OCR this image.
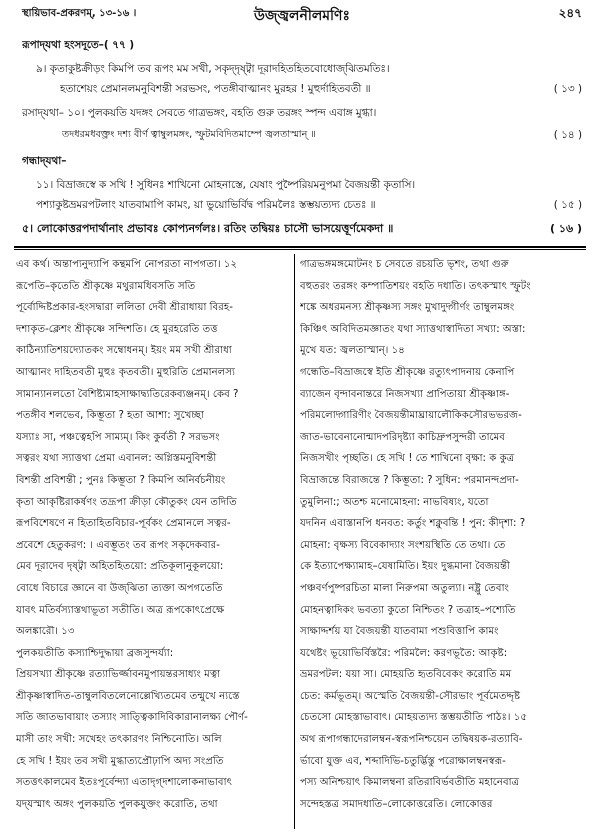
স্থায়িভাব-প্রকরণম্‌, ১৩-১৬ ।	উজ্জ্বলনীলমণিঃ	২৪৭
রূপাদ্‌যথা হংসদূতে–( ৭৭ )
৯। কৃতাকুষ্টক্রীড়ং কিমপি তব রূপং মম সখী, সকৃদ্‌দৃষ্ট্বা দূরাদহিতহিতবোধোজ্‌ঝিতমতিঃ।
হতাশেয়ং প্রেমানলমনুবিশন্তী সরভসং, পতঙ্গীবাত্মানং মুরহর ! মুহুর্দাহিতবতী ॥	( ১৩ )
রসাদ্‌যথা– ১০। পুলকয়তি যদঙ্গং সেবতে গাত্রভঙ্গং, বহতি গুরু তরঙ্গং স্পন্দ এবাঙ্গ মুগ্ধা।
তদধরমধবক্ত্রং দশ্য বীর্ণ ত্বাম্বুলমঙ্গং, স্ফুটমবিদিতমাম্পে জ্বলতাস্মান্ ॥	( ১৪ )
গন্ধাদ্‌যথা–
১১। বিভ্রাজস্বে ক সখি ! সুধিনঃ শাখিনো মোহনাস্তে, যেষাং পুষ্পৈরিয়মনুপমা বৈজয়ন্তী কৃতাসি।
পশ্যাকুষ্টভ্রমরপটলাং যাতবামাপি কামং, য়া ভুয়োভির্বিদ্ব পরিমলৈঃ স্তম্ভয়ত্যদ্য চেতঃ ॥	( ১৫ )
৫। লোকোত্তরপদার্থানাং প্রভাবঃ কোপ্যনর্গলঃ। রতিং তদ্বিয়ঃ চাসৌ ভাসয়েত্তূর্ণমেকদা ॥	( ১৬ )

এব কর্থ। অন্তাপ্যনুদ্যাপি কন্থমপি নোপরতা নাপগতা। ১২

রূপেতি–কৃতেতি শ্রীকৃষ্ণে মথুরামধিবসতি সতি

পূর্বোদ্দিষ্টপ্রকার-হংসদ্বারা ললিতা দেবী শ্রীরাধায়া বিরহ-

দশাকৃত-ক্লেশং শ্রীকৃষ্ণে সন্দিশতি। হে মুরহরেতি তত্ত

কাঠিন্যাতিশয়দ্যোতকং সম্বোধনম্। ইয়ং মম সখী শ্রীরাধা

আত্মানং দাহিতবতী মুহুঃ কৃতবতী। মুহুরিতি প্রেমানলস্য

সামান্যানলতো বৈশিষ্ট্যমাহসাক্ষাদ্ব্যতিরেকব্যঞ্জনম্। কেব ?

পতঙ্গীব শলভেব, কিম্ভূতা ? হতা আশা: সুখেচ্ছা

যস্যাঃ সা, পঞ্চত্বেহপি সাম্যম্। কিং কুর্বতী ? সরভসং

সত্বরং যথা স্যাত্তথা প্রেমা এবানল: অগ্নিস্তমনুবিশন্তী

বিশন্তী প্রবিশন্তী ; পুনঃ কিম্ভূতা ? কিমপি অনির্বচনীয়ং

কৃতা আকৃষ্টিরাকর্ষণং তদ্রূপা ক্রীড়া কৌতুকং যেন তদিতি

রূপবিশেষণে ন হিতাহিতবিচার-পূর্বকং প্রেমানলে সত্বর-

প্রবেশে হেতুকরণ: । এবম্ভূতং তব রূপং সকৃদেকবার-

মেব দূরাদেব দৃষ্ট্বা অহিতহিতয়ো: প্রতিকূলানুকূলয়ো:

বোধে বিচারে জ্ঞানে বা উজ্‌ঝিতা ত্যক্তা অপগতেতি

যাবৎ মতির্বস্যাস্তথাভূতা সতীতি। অত্র রূপকোৎপ্রেক্ষে

অলঙ্কারৌ। ১৩

পুলকয়তীতি কস্যাশ্চিদুদ্ধায়া ব্রজসুন্দর্য্যা:

প্রিয়সখ্যা শ্রীকৃষ্ণে রত্যাভির্জ্জাবনমুপায়ন্তরসাধ্যং মত্বা

শ্রীকৃষ্ণাস্বাদিত-তাম্বুলবিতলেনোল্লেখ্যিতমেব তন্মুখে ন্যস্তে

সতি জাতভাবায়াং তস্যাং সাত্ত্বিকাদিবিকারানালক্ষ্য পৌর্ণ-

মাসী তাং সখী: সখেহং তৎকারণং নিশ্চিনোতি। অলি

হে সখি ! ইয়ং তব সখী মুগ্ধাত্যপ্রৌঢ়াপি অদ্য সংপ্রতি

সতত্তৎকালমেব ইতঃপূর্বেন্দ্যা এতাদৃগ্‌দশালোকনাভাবাৎ

যদ্‌যস্মাৎ অঙ্গং পুলকয়তি পুলকযুক্তং করোতি, তথা

গাত্রভঙ্গমঙ্গমোটনং চ সেবতে রচয়তি ভৃশং, তথা গুরু

বহুতরং তরঙ্গং কম্পাতিশয়ং বহতি দধাতি। তৎকস্মাৎ স্ফুটং

শঙ্কে অধরমনস্য শ্রীকৃষ্ণস্য সঙ্গং মুখাদুদ্গীর্ণং তাম্বুলমঙ্গং

কিঞ্চিৎ অবিদিতমজ্ঞাতং যথা স্যাত্তথাস্বাদিতা সখ্যা: অস্তা:

মুখে যত: জ্বলতাস্মান্। ১৪

গন্ধেতি–বিভ্রাজস্বে ইতি শ্রীকৃষ্ণে রত্যুৎপাদনায় কেনাপি

ব্যাজেন বৃন্দাবনান্তরে নিজসখ্যা প্রাপিতায়া শ্রীকৃষ্ণাঙ্গ-

পরিমলোদ্গারিণীং বৈজয়ন্তীমাঘ্রায়ালৌকিকসৌরভভরজ-

জাত-ভাবেনানোন্মাদপরিদৃষ্ট্যা কাচিদ্রুপসুন্দরী তামেব

নিজসখীং পৃচ্ছতি। হে সখি ! তে শাখিনো বৃক্ষা: ক কুত্র

বিভ্রাজন্তে বিরাজন্তে ? কিম্ভূতা: ? সুধিন: পরমানন্দপ্রদা-

তুমুলিনা:; অতশ্চ মনোমোহনা: নাভবিষ্যং, যতো

যদনিন এবাস্তানপি ধনবত: কর্তুং শক্নুবন্তি ! পুন: কীদৃশা: ?

মোহনা: বৃক্ষস্য বিবেকাদ্যাং সংশয়স্থিতি তে তথা। তে

কে ইত্যাপেক্ষ্যামাহ–যেষামিতি। ইয়ং দুগ্ধমানা বৈজয়ন্তী

পঞ্চবর্ণপুষ্পরচিতা মালা নিরুপমা অতুল্যা। নষ্ট্রু তেবাং

মোহনত্বাদিকং ভবত্যা কুতো নিশ্চিতং ? তত্রাহ–পশ্যেতি

সাক্ষাদ্দর্শয় যা বৈজয়ন্তী যাতবামা পশুবিত্তাপি কামং

যথেষ্টং ভূয়োভির্বিস্তরৈ: পরিমলৈ: করণভূতৈ: আকৃষ্ট:

ভ্রমরপটল: যয়া সা। মোহয়তি হৃতবিবেকং করোতি মম

চেত: কর্মভূতম্। অস্মেতি বৈজয়ন্তী-সৌরভাং পূর্বমেতদ্দৃষ্ট

চেতসো মোহস্তাভাবাৎ। মোহয়ত্যদ্য স্তম্ভয়তীতি পাঠঃ। ১৫

অথ রূপাগন্ধাদেরালম্বন-স্বরূপনিশ্চয়েন তদ্বিষয়ক-রত্যাবি-

র্ভাবো যুক্ত এব, শব্দাদিভি-চতুর্দ্ভিস্তু পরোক্ষালম্বনস্বরূ-

পস্য অনিশ্চয়াৎ কিমালম্বনা রতিরাবির্ভবতীতি মহানেবাত্র

সন্দেহস্তত্র সমাদধাতি–লোকোত্তরেতি। লোকোত্তর
